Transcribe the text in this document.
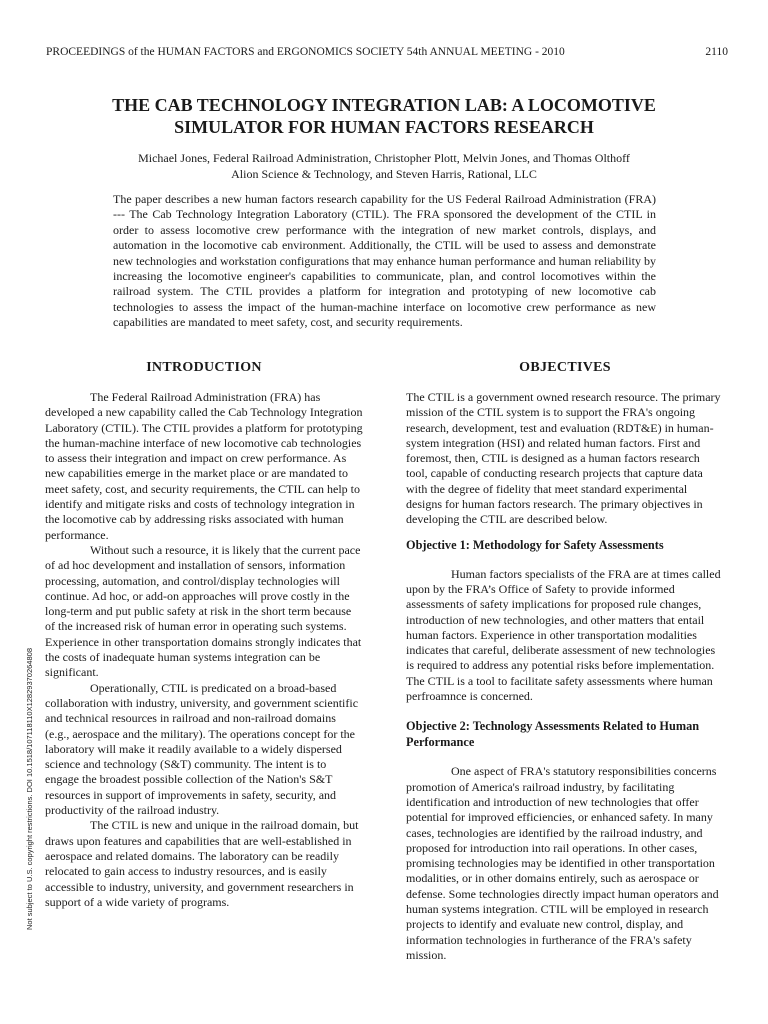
PROCEEDINGS of the HUMAN FACTORS and ERGONOMICS SOCIETY 54th ANNUAL MEETING - 2010	2110
THE CAB TECHNOLOGY INTEGRATION LAB: A LOCOMOTIVE SIMULATOR FOR HUMAN FACTORS RESEARCH
Michael Jones, Federal Railroad Administration, Christopher Plott, Melvin Jones, and Thomas Olthoff
Alion Science & Technology, and Steven Harris, Rational, LLC

The paper describes a new human factors research capability for the US Federal Railroad Administration (FRA) --- The Cab Technology Integration Laboratory (CTIL). The FRA sponsored the development of the CTIL in order to assess locomotive crew performance with the integration of new market controls, displays, and automation in the locomotive cab environment. Additionally, the CTIL will be used to assess and demonstrate new technologies and workstation configurations that may enhance human performance and human reliability by increasing the locomotive engineer's capabilities to communicate, plan, and control locomotives within the railroad system. The CTIL provides a platform for integration and prototyping of new locomotive cab technologies to assess the impact of the human-machine interface on locomotive crew performance as new capabilities are mandated to meet safety, cost, and security requirements.

INTRODUCTION

The Federal Railroad Administration (FRA) has developed a new capability called the Cab Technology Integration Laboratory (CTIL). The CTIL provides a platform for prototyping the human-machine interface of new locomotive cab technologies to assess their integration and impact on crew performance. As new capabilities emerge in the market place or are mandated to meet safety, cost, and security requirements, the CTIL can help to identify and mitigate risks and costs of technology integration in the locomotive cab by addressing risks associated with human performance.

Without such a resource, it is likely that the current pace of ad hoc development and installation of sensors, information processing, automation, and control/display technologies will continue. Ad hoc, or add-on approaches will prove costly in the long-term and put public safety at risk in the short term because of the increased risk of human error in operating such systems. Experience in other transportation domains strongly indicates that the costs of inadequate human systems integration can be significant.

Operationally, CTIL is predicated on a broad-based collaboration with industry, university, and government scientific and technical resources in railroad and non-railroad domains (e.g., aerospace and the military). The operations concept for the laboratory will make it readily available to a widely dispersed science and technology (S&T) community. The intent is to engage the broadest possible collection of the Nation's S&T resources in support of improvements in safety, security, and productivity of the railroad industry.

The CTIL is new and unique in the railroad domain, but draws upon features and capabilities that are well-established in aerospace and related domains. The laboratory can be readily relocated to gain access to industry resources, and is easily accessible to industry, university, and government researchers in support of a wide variety of programs.

OBJECTIVES

The CTIL is a government owned research resource. The primary mission of the CTIL system is to support the FRA's ongoing research, development, test and evaluation (RDT&E) in human-system integration (HSI) and related human factors. First and foremost, then, CTIL is designed as a human factors research tool, capable of conducting research projects that capture data with the degree of fidelity that meet standard experimental designs for human factors research. The primary objectives in developing the CTIL are described below.

Objective 1: Methodology for Safety Assessments

Human factors specialists of the FRA are at times called upon by the FRA’s Office of Safety to provide informed assessments of safety implications for proposed rule changes, introduction of new technologies, and other matters that entail human factors. Experience in other transportation modalities indicates that careful, deliberate assessment of new technologies is required to address any potential risks before implementation. The CTIL is a tool to facilitate safety assessments where human perfroamnce is concerned.

Objective 2: Technology Assessments Related to Human Performance

One aspect of FRA's statutory responsibilities concerns promotion of America's railroad industry, by facilitating identification and introduction of new technologies that offer potential for improved efficiencies, or enhanced safety. In many cases, technologies are identified by the railroad industry, and proposed for introduction into rail operations. In other cases, promising technologies may be identified in other transportation modalities, or in other domains entirely, such as aerospace or defense. Some technologies directly impact human operators and human systems integration. CTIL will be employed in research projects to identify and evaluate new control, display, and information technologies in furtherance of the FRA's safety mission.

Not subject to U.S. copyright restrictions. DOI 10.1518/107118110X12829370264808
